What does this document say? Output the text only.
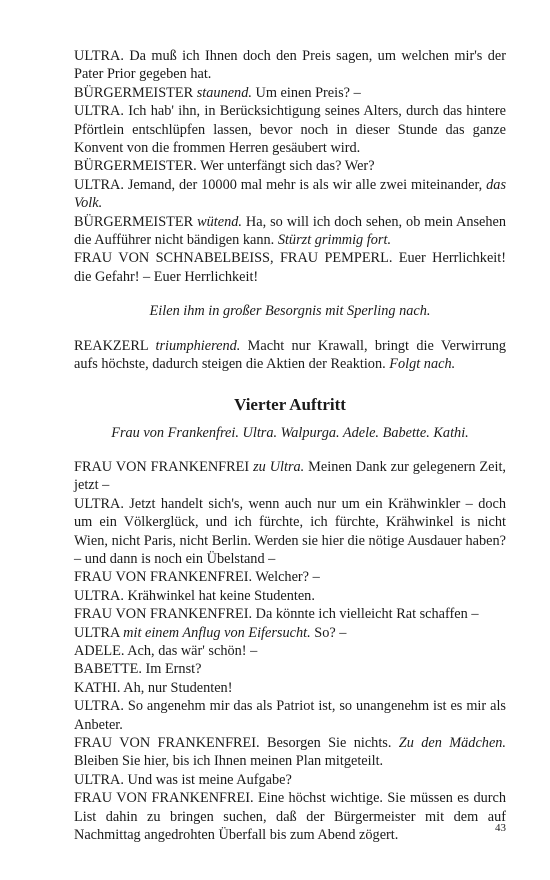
ULTRA. Da muß ich Ihnen doch den Preis sagen, um welchen mir's der Pater Prior gegeben hat.

BÜRGERMEISTER staunend. Um einen Preis? –

ULTRA. Ich hab' ihn, in Berücksichtigung seines Alters, durch das hintere Pförtlein entschlüpfen lassen, bevor noch in dieser Stunde das ganze Konvent von die frommen Herren gesäubert wird.

BÜRGERMEISTER. Wer unterfängt sich das? Wer?

ULTRA. Jemand, der 10000 mal mehr is als wir alle zwei miteinander, das Volk.

BÜRGERMEISTER wütend. Ha, so will ich doch sehen, ob mein Ansehen die Aufführer nicht bändigen kann. Stürzt grimmig fort.

FRAU VON SCHNABELBEISS, FRAU PEMPERL. Euer Herrlichkeit! die Gefahr! – Euer Herrlichkeit!

Eilen ihm in großer Besorgnis mit Sperling nach.

REAKZERL triumphierend. Macht nur Krawall, bringt die Verwirrung aufs höchste, dadurch steigen die Aktien der Reaktion. Folgt nach.

Vierter Auftritt

Frau von Frankenfrei. Ultra. Walpurga. Adele. Babette. Kathi.

FRAU VON FRANKENFREI zu Ultra. Meinen Dank zur gelegenern Zeit, jetzt –

ULTRA. Jetzt handelt sich's, wenn auch nur um ein Krähwinkler – doch um ein Völkerglück, und ich fürchte, ich fürchte, Krähwinkel is nicht Wien, nicht Paris, nicht Berlin. Werden sie hier die nötige Ausdauer haben? – und dann is noch ein Übelstand –

FRAU VON FRANKENFREI. Welcher? –

ULTRA. Krähwinkel hat keine Studenten.

FRAU VON FRANKENFREI. Da könnte ich vielleicht Rat schaffen –

ULTRA mit einem Anflug von Eifersucht. So? –

ADELE. Ach, das wär' schön! –

BABETTE. Im Ernst?

KATHI. Ah, nur Studenten!

ULTRA. So angenehm mir das als Patriot ist, so unangenehm ist es mir als Anbeter.

FRAU VON FRANKENFREI. Besorgen Sie nichts. Zu den Mädchen. Bleiben Sie hier, bis ich Ihnen meinen Plan mitgeteilt.

ULTRA. Und was ist meine Aufgabe?

FRAU VON FRANKENFREI. Eine höchst wichtige. Sie müssen es durch List dahin zu bringen suchen, daß der Bürgermeister mit dem auf Nachmittag angedrohten Überfall bis zum Abend zögert.	43
